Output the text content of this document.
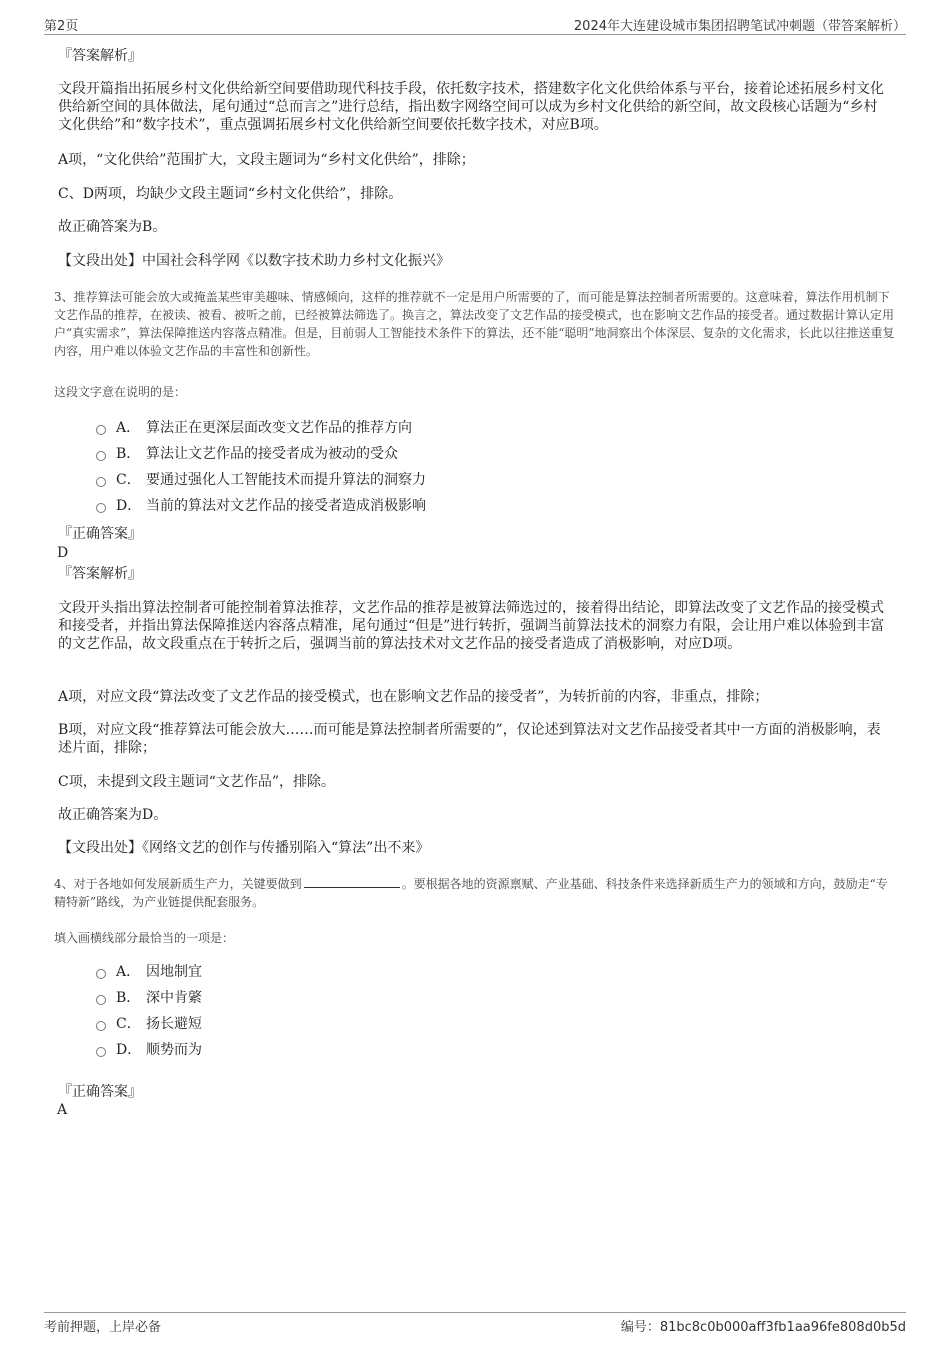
第2页	2024年大连建设城市集团招聘笔试冲刺题（带答案解析）
『答案解析』
文段开篇指出拓展乡村文化供给新空间要借助现代科技手段，依托数字技术，搭建数字化文化供给体系与平台，接着论述拓展乡村文化供给新空间的具体做法，尾句通过“总而言之”进行总结，指出数字网络空间可以成为乡村文化供给的新空间，故文段核心话题为“乡村文化供给”和“数字技术”，重点强调拓展乡村文化供给新空间要依托数字技术，对应B项。
A项，“文化供给”范围扩大，文段主题词为“乡村文化供给”，排除；
C、D两项，均缺少文段主题词“乡村文化供给”，排除。
故正确答案为B。
【文段出处】中国社会科学网《以数字技术助力乡村文化振兴》
3、推荐算法可能会放大或掩盖某些审美趣味、情感倾向，这样的推荐就不一定是用户所需要的了，而可能是算法控制者所需要的。这意味着，算法作用机制下文艺作品的推荐，在被读、被看、被听之前，已经被算法筛选了。换言之，算法改变了文艺作品的接受模式，也在影响文艺作品的接受者。通过数据计算认定用户“真实需求”，算法保障推送内容落点精准。但是，目前弱人工智能技术条件下的算法，还不能“聪明”地洞察出个体深层、复杂的文化需求，长此以往推送重复内容，用户难以体验文艺作品的丰富性和创新性。
这段文字意在说明的是：
A． 算法正在更深层面改变文艺作品的推荐方向
B． 算法让文艺作品的接受者成为被动的受众
C． 要通过强化人工智能技术而提升算法的洞察力
D． 当前的算法对文艺作品的接受者造成消极影响
『正确答案』
D
『答案解析』
文段开头指出算法控制者可能控制着算法推荐，文艺作品的推荐是被算法筛选过的，接着得出结论，即算法改变了文艺作品的接受模式和接受者，并指出算法保障推送内容落点精准，尾句通过“但是”进行转折，强调当前算法技术的洞察力有限，会让用户难以体验到丰富的文艺作品，故文段重点在于转折之后，强调当前的算法技术对文艺作品的接受者造成了消极影响，对应D项。
A项，对应文段“算法改变了文艺作品的接受模式，也在影响文艺作品的接受者”，为转折前的内容，非重点，排除；
B项，对应文段“推荐算法可能会放大……而可能是算法控制者所需要的”，仅论述到算法对文艺作品接受者其中一方面的消极影响，表述片面，排除；
C项，未提到文段主题词“文艺作品”，排除。
故正确答案为D。
【文段出处】《网络文艺的创作与传播别陷入“算法”出不来》
4、对于各地如何发展新质生产力，关键要做到	。要根据各地的资源禀赋、产业基础、科技条件来选择新质生产力的领域和方向，鼓励走“专精特新”路线，为产业链提供配套服务。
填入画横线部分最恰当的一项是：
A． 因地制宜
B． 深中肯綮
C． 扬长避短
D． 顺势而为
『正确答案』
A
考前押题，上岸必备	编号：81bc8c0b000aff3fb1aa96fe808d0b5d
